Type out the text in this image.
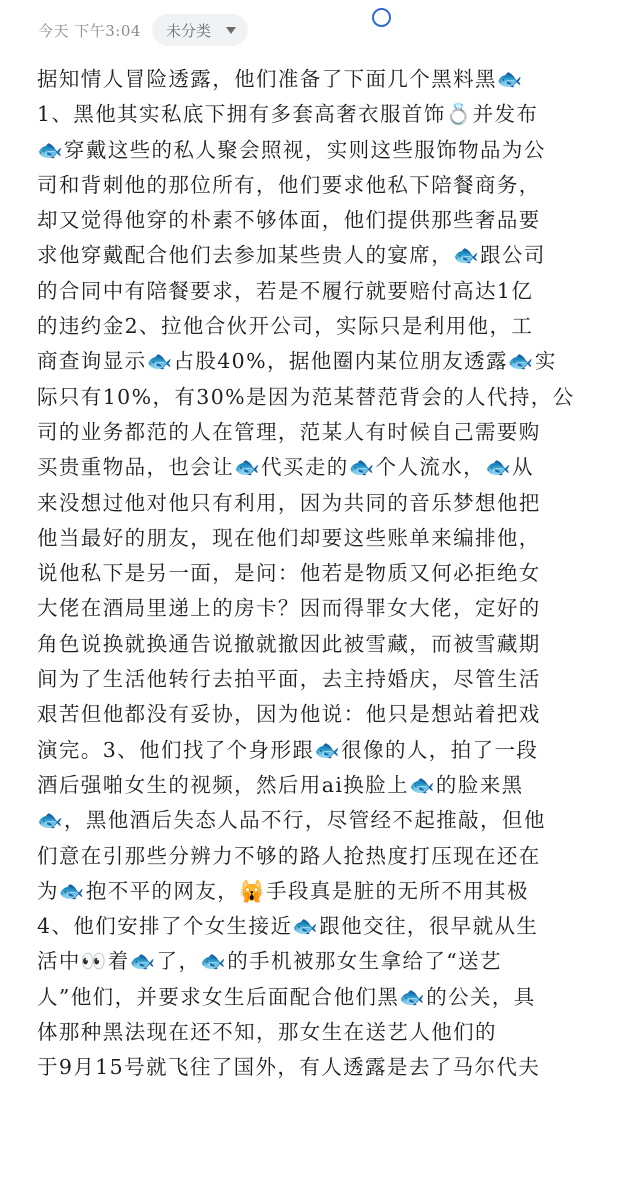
今天 下午3:04 未分类
据知情人冒险透露，他们准备了下面几个黑料黑🐟
1、黑他其实私底下拥有多套高奢衣服首饰💍并发布
🐟穿戴这些的私人聚会照视，实则这些服饰物品为公
司和背刺他的那位所有，他们要求他私下陪餐商务，
却又觉得他穿的朴素不够体面，他们提供那些奢品要
求他穿戴配合他们去参加某些贵人的宴席，🐟跟公司
的合同中有陪餐要求，若是不履行就要赔付高达1亿
的违约金2、拉他合伙开公司，实际只是利用他，工
商查询显示🐟占股40%，据他圈内某位朋友透露🐟实
际只有10%，有30%是因为范某替范背会的人代持，公
司的业务都范的人在管理，范某人有时候自己需要购
买贵重物品，也会让🐟代买走的🐟个人流水，🐟从
来没想过他对他只有利用，因为共同的音乐梦想他把
他当最好的朋友，现在他们却要这些账单来编排他，
说他私下是另一面，是问：他若是物质又何必拒绝女
大佬在酒局里递上的房卡？因而得罪女大佬，定好的
角色说换就换通告说撤就撤因此被雪藏，而被雪藏期
间为了生活他转行去拍平面，去主持婚庆，尽管生活
艰苦但他都没有妥协，因为他说：他只是想站着把戏
演完。3、他们找了个身形跟🐟很像的人，拍了一段
酒后强啪女生的视频，然后用ai换脸上🐟的脸来黑
🐟，黑他酒后失态人品不行，尽管经不起推敲，但他
们意在引那些分辨力不够的路人抢热度打压现在还在
为🐟抱不平的网友，🙀手段真是脏的无所不用其极
4、他们安排了个女生接近🐟跟他交往，很早就从生
活中👀着🐟了，🐟的手机被那女生拿给了“送艺
人”他们，并要求女生后面配合他们黑🐟的公关，具
体那种黑法现在还不知，那女生在送艺人他们的
于9月15号就飞往了国外，有人透露是去了马尔代夫
